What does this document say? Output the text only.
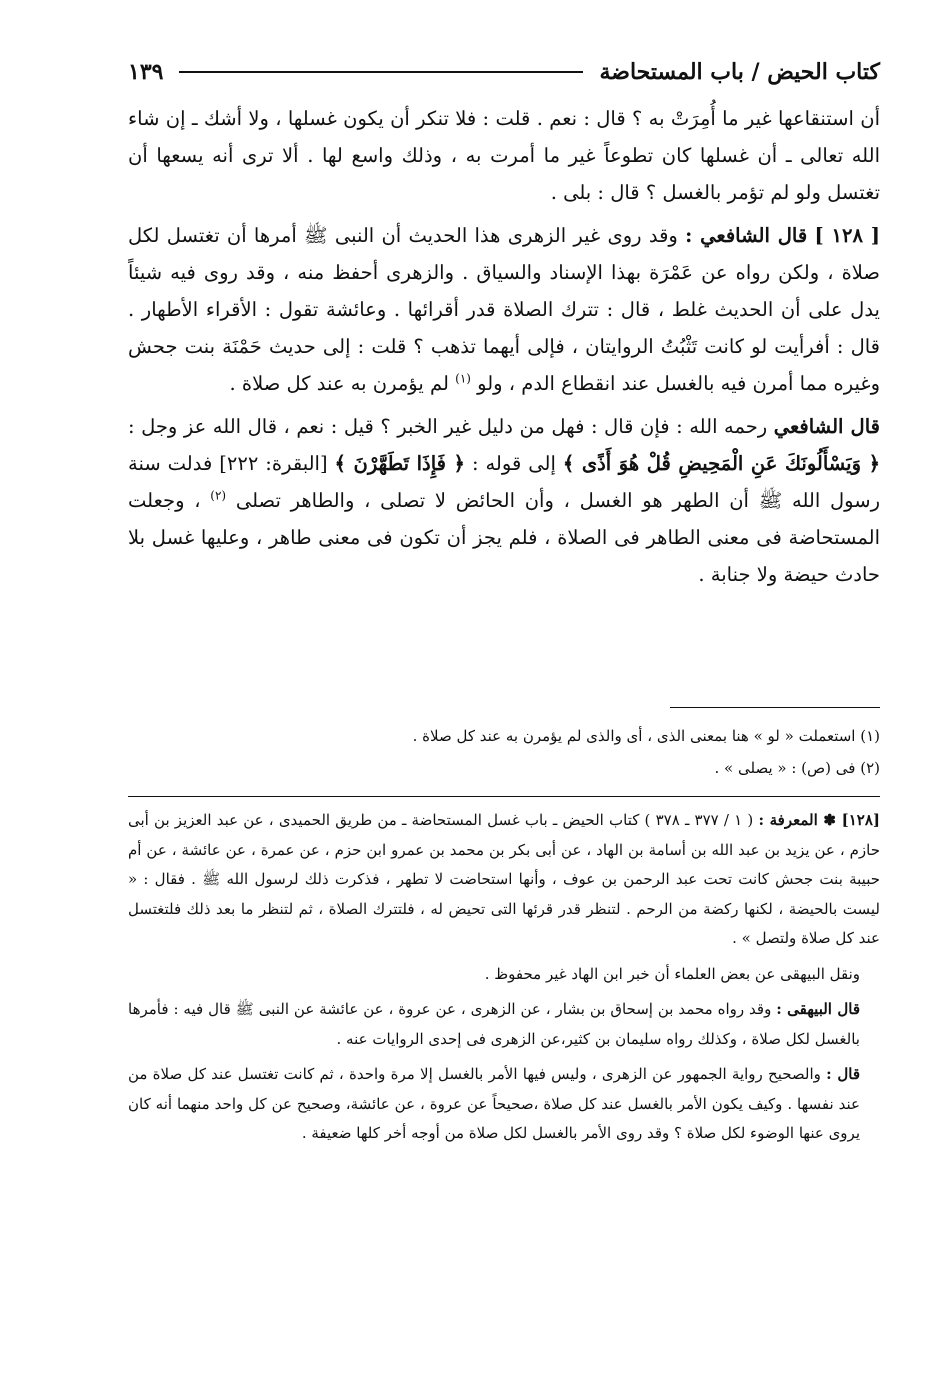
كتاب الحيض / باب المستحاضة
١٣٩

أن استنقاعها غير ما أُمِرَتْ به ؟ قال : نعم . قلت : فلا تنكر أن يكون غسلها ، ولا أشك ـ إن شاء الله تعالى ـ أن غسلها كان تطوعاً غير ما أمرت به ، وذلك واسع لها . ألا ترى أنه يسعها أن تغتسل ولو لم تؤمر بالغسل ؟ قال : بلى .

[ ١٢٨ ] قال الشافعي : وقد روى غير الزهرى هذا الحديث أن النبى ﷺ أمرها أن تغتسل لكل صلاة ، ولكن رواه عن عَمْرَة بهذا الإسناد والسياق . والزهرى أحفظ منه ، وقد روى فيه شيئاً يدل على أن الحديث غلط ، قال : تترك الصلاة قدر أقرائها . وعائشة تقول : الأقراء الأطهار . قال : أفرأيت لو كانت تَثْبُتُ الروايتان ، فإلى أيهما تذهب ؟ قلت : إلى حديث حَمْنَة بنت جحش وغيره مما أمرن فيه بالغسل عند انقطاع الدم ، ولو $^{(١)}$ لم يؤمرن به عند كل صلاة .

قال الشافعي رحمه الله : فإن قال : فهل من دليل غير الخبر ؟ قيل : نعم ، قال الله عز وجل : ﴿ وَيَسْأَلُونَكَ عَنِ الْمَحِيضِ قُلْ هُوَ أَذًى ﴾ إلى قوله : ﴿ فَإِذَا تَطَهَّرْنَ ﴾ [البقرة: ٢٢٢] فدلت سنة رسول الله ﷺ أن الطهر هو الغسل ، وأن الحائض لا تصلى ، والطاهر تصلى $^{(٢)}$ ، وجعلت المستحاضة فى معنى الطاهر فى الصلاة ، فلم يجز أن تكون فى معنى طاهر ، وعليها غسل بلا حادث حيضة ولا جنابة .

(١) استعملت « لو » هنا بمعنى الذى ، أى والذى لم يؤمرن به عند كل صلاة .

(٢) فى (ص) : « يصلى » .

[١٢٨] ✽ المعرفة : ( ١ / ٣٧٧ ـ ٣٧٨ ) كتاب الحيض ـ باب غسل المستحاضة ـ من طريق الحميدى ، عن عبد العزيز بن أبى حازم ، عن يزيد بن عبد الله بن أسامة بن الهاد ، عن أبى بكر بن محمد بن عمرو ابن حزم ، عن عمرة ، عن عائشة ، عن أم حبيبة بنت جحش كانت تحت عبد الرحمن بن عوف ، وأنها استحاضت لا تطهر ، فذكرت ذلك لرسول الله ﷺ . فقال : « ليست بالحيضة ، لكنها ركضة من الرحم . لتنظر قدر قرئها التى تحيض له ، فلتترك الصلاة ، ثم لتنظر ما بعد ذلك فلتغتسل عند كل صلاة ولتصل » .

ونقل البيهقى عن بعض العلماء أن خبر ابن الهاد غير محفوظ .

قال البيهقى : وقد رواه محمد بن إسحاق بن بشار ، عن الزهرى ، عن عروة ، عن عائشة عن النبى ﷺ قال فيه : فأمرها بالغسل لكل صلاة ، وكذلك رواه سليمان بن كثير،عن الزهرى فى إحدى الروايات عنه .

قال : والصحيح رواية الجمهور عن الزهرى ، وليس فيها الأمر بالغسل إلا مرة واحدة ، ثم كانت تغتسل عند كل صلاة من عند نفسها . وكيف يكون الأمر بالغسل عند كل صلاة ،صحيحاً عن عروة ، عن عائشة، وصحيح عن كل واحد منهما أنه كان يروى عنها الوضوء لكل صلاة ؟ وقد روى الأمر بالغسل لكل صلاة من أوجه أخر كلها ضعيفة .
